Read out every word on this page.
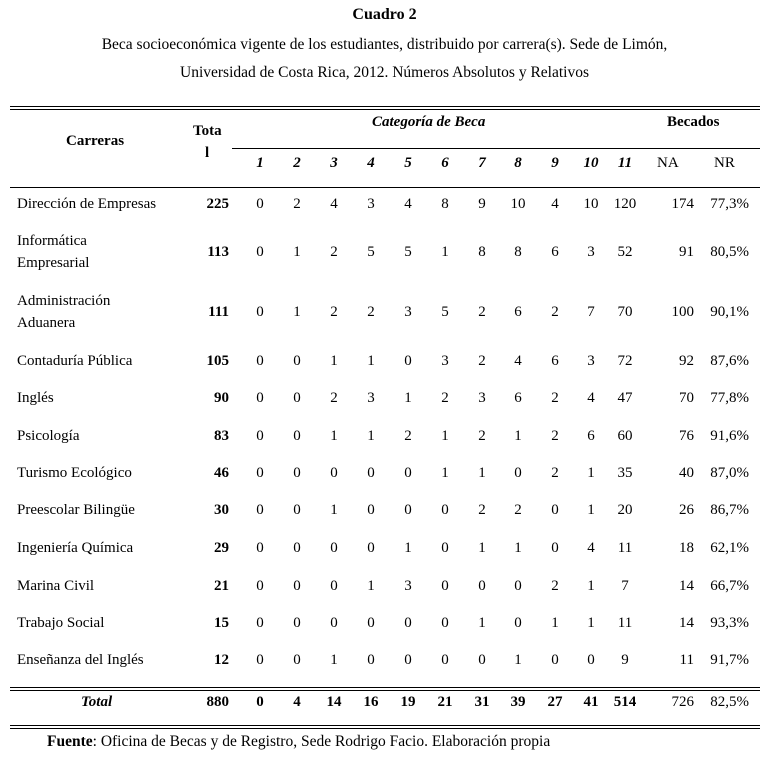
Cuadro 2
Beca socioeconómica vigente de los estudiantes, distribuido por carrera(s). Sede de Limón,
Universidad de Costa Rica, 2012. Números Absolutos y Relativos
Carreras
Tota
l
Categoría de Beca	Becados
1	2	3	4	5	6	7	8	9	10	11	NA NR
Dirección de Empresas	225	0	2	4	3	4	8	9	10	4	10	120	174	77,3%
Informática
Empresarial
113	0	1	2	5	5	1	8	8	6	3	52	91	80,5%
Administración
Aduanera
111	0	1	2	2	3	5	2	6	2	7	70	100	90,1%
Contaduría Pública	105	0	0	1	1	0	3	2	4	6	3	72	92	87,6%
Inglés	90	0	0	2	3	1	2	3	6	2	4	47	70	77,8%
Psicología	83	0	0	1	1	2	1	2	1	2	6	60	76	91,6%
Turismo Ecológico	46	0	0	0	0	0	1	1	0	2	1	35	40	87,0%
Preescolar Bilingüe	30	0	0	1	0	0	0	2	2	0	1	20	26	86,7%
Ingeniería Química	29	0	0	0	0	1	0	1	1	0	4	11	18	62,1%
Marina Civil	21	0	0	0	1	3	0	0	0	2	1	7	14	66,7%
Trabajo Social	15	0	0	0	0	0	0	1	0	1	1	11	14	93,3%
Enseñanza del Inglés	12	0	0	1	0	0	0	0	1	0	0	9	11	91,7%
Total	880	0	4	14	16	19	21	31	39	27	41	514	726	82,5%
Fuente: Oficina de Becas y de Registro, Sede Rodrigo Facio. Elaboración propia
